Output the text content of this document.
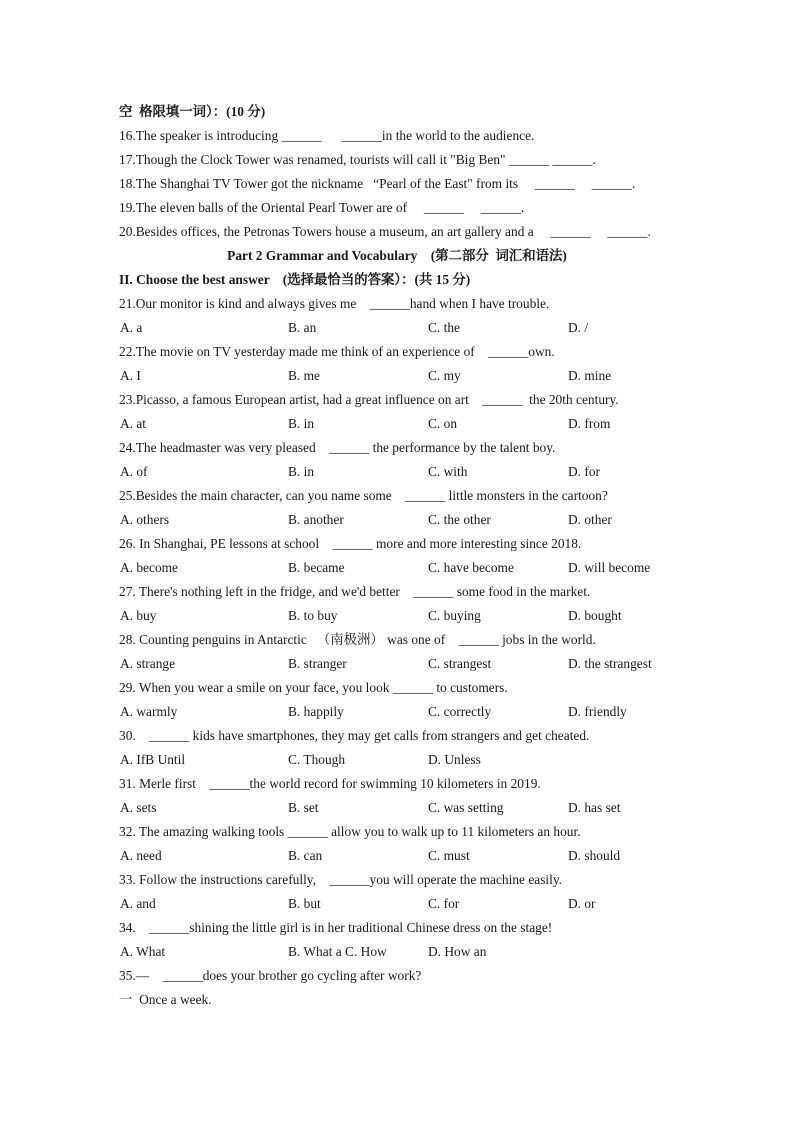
空  格限填一词）：(10 分)
16.The speaker is introducing ______      ______in the world to the audience.
17.Though the Clock Tower was renamed, tourists will call it "Big Ben" ______ ______.
18.The Shanghai TV Tower got the nickname   “Pearl of the East" from its     ______     ______.
19.The eleven balls of the Oriental Pearl Tower are of     ______     ______.
20.Besides offices, the Petronas Towers house a museum, an art gallery and a     ______     ______.
Part 2 Grammar and Vocabulary    (第二部分  词汇和语法)
II. Choose the best answer    (选择最恰当的答案）：(共 15 分)
21.Our monitor is kind and always gives me    ______hand when I have trouble.
A. a	B. an	C. the	D. /
22.The movie on TV yesterday made me think of an experience of    ______own.
A. I	B. me	C. my	D. mine
23.Picasso, a famous European artist, had a great influence on art    ______  the 20th century.
A. at	B. in	C. on	D. from
24.The headmaster was very pleased    ______ the performance by the talent boy.
A. of	B. in	C. with	D. for
25.Besides the main character, can you name some    ______ little monsters in the cartoon?
A. others	B. another	C. the other	D. other
26. In Shanghai, PE lessons at school    ______ more and more interesting since 2018.
A. become	B. became	C. have become	D. will become
27. There's nothing left in the fridge, and we'd better    ______ some food in the market.
A. buy	B. to buy	C. buying	D. bought
28. Counting penguins in Antarctic   （南极洲） was one of    ______ jobs in the world.
A. strange	B. stranger	C. strangest	D. the strangest
29. When you wear a smile on your face, you look ______ to customers.
A. warmly	B. happily	C. correctly	D. friendly
30.    ______ kids have smartphones, they may get calls from strangers and get cheated.
A. IfB Until	C. Though	D. Unless
31. Merle first    ______the world record for swimming 10 kilometers in 2019.
A. sets	B. set	C. was setting	D. has set
32. The amazing walking tools ______ allow you to walk up to 11 kilometers an hour.
A. need	B. can	C. must	D. should
33. Follow the instructions carefully,    ______you will operate the machine easily.
A. and	B. but	C. for	D. or
34.    ______shining the little girl is in her traditional Chinese dress on the stage!
A. What	B. What a C. How	D. How an
35.—    ______does your brother go cycling after work?
一  Once a week.
